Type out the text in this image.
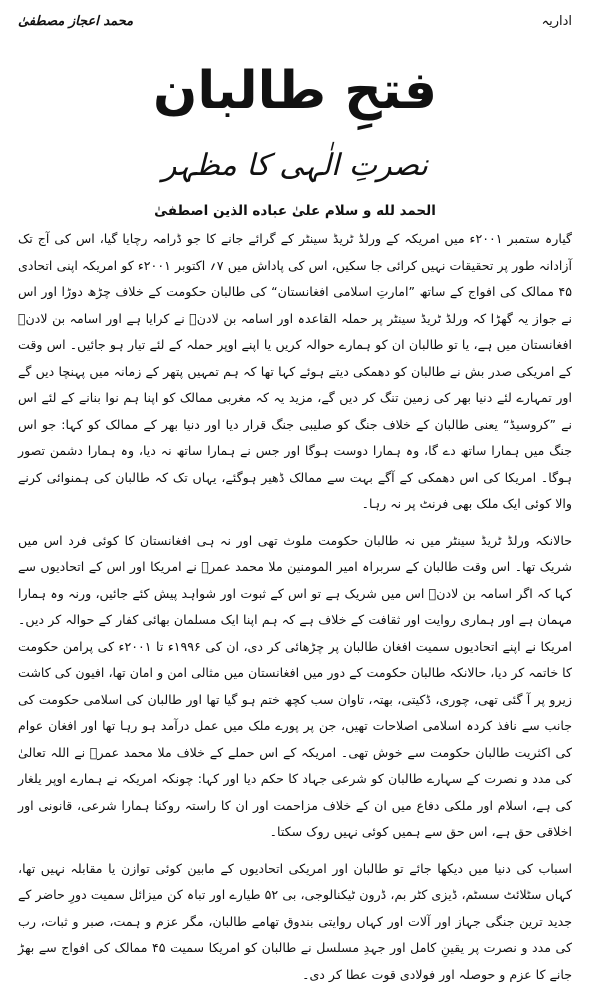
اداریہ
محمد اعجاز مصطفیٰ
فتحِ طالبان
نصرتِ الٰہی کا مظہر
الحمد لله و سلام علیٰ عباده الذین اصطفیٰ

گیارہ ستمبر ۲۰۰۱ء میں امریکہ کے ورلڈ ٹریڈ سینٹر کے گرائے جانے کا جو ڈرامہ رچایا گیا، اس کی آج تک آزادانہ طور پر تحقیقات نہیں کرائی جا سکیں، اس کی پاداش میں ۷؍ اکتوبر ۲۰۰۱ء کو امریکہ اپنی اتحادی ۴۵ ممالک کی افواج کے ساتھ ”امارتِ اسلامی افغانستان“ کی طالبان حکومت کے خلاف چڑھ دوڑا اور اس نے جواز یہ گھڑا کہ ورلڈ ٹریڈ سینٹر پر حملہ القاعدہ اور اسامہ بن لادنؒ نے کرایا ہے اور اسامہ بن لادنؒ افغانستان میں ہے، یا تو طالبان ان کو ہمارے حوالہ کریں یا اپنے اوپر حملہ کے لئے تیار ہو جائیں۔ اس وقت کے امریکی صدر بش نے طالبان کو دھمکی دیتے ہوئے کہا تھا کہ ہم تمہیں پتھر کے زمانہ میں پہنچا دیں گے اور تمہارے لئے دنیا بھر کی زمین تنگ کر دیں گے، مزید یہ کہ مغربی ممالک کو اپنا ہم نوا بنانے کے لئے اس نے ”کروسیڈ“ یعنی طالبان کے خلاف جنگ کو صلیبی جنگ قرار دیا اور دنیا بھر کے ممالک کو کہا: جو اس جنگ میں ہمارا ساتھ دے گا، وہ ہمارا دوست ہوگا اور جس نے ہمارا ساتھ نہ دیا، وہ ہمارا دشمن تصور ہوگا۔ امریکا کی اس دھمکی کے آگے بہت سے ممالک ڈھیر ہوگئے، یہاں تک کہ طالبان کی ہمنوائی کرنے والا کوئی ایک ملک بھی فرنٹ پر نہ رہا۔

حالانکہ ورلڈ ٹریڈ سینٹر میں نہ طالبان حکومت ملوث تھی اور نہ ہی افغانستان کا کوئی فرد اس میں شریک تھا۔ اس وقت طالبان کے سربراہ امیر المومنین ملا محمد عمرؒ نے امریکا اور اس کے اتحادیوں سے کہا کہ اگر اسامہ بن لادنؒ اس میں شریک ہے تو اس کے ثبوت اور شواہد پیش کئے جائیں، ورنہ وہ ہمارا مہمان ہے اور ہماری روایت اور ثقافت کے خلاف ہے کہ ہم اپنا ایک مسلمان بھائی کفار کے حوالہ کر دیں۔ امریکا نے اپنے اتحادیوں سمیت افغان طالبان پر چڑھائی کر دی، ان کی ۱۹۹۶ء تا ۲۰۰۱ء کی پرامن حکومت کا خاتمہ کر دیا، حالانکہ طالبان حکومت کے دور میں افغانستان میں مثالی امن و امان تھا، افیون کی کاشت زیرو پر آ گئی تھی، چوری، ڈکیتی، بھتہ، تاوان سب کچھ ختم ہو گیا تھا اور طالبان کی اسلامی حکومت کی جانب سے نافذ کردہ اسلامی اصلاحات تھیں، جن پر پورے ملک میں عمل درآمد ہو رہا تھا اور افغان عوام کی اکثریت طالبان حکومت سے خوش تھی۔ امریکہ کے اس حملے کے خلاف ملا محمد عمرؒ نے اللہ تعالیٰ کی مدد و نصرت کے سہارے طالبان کو شرعی جہاد کا حکم دیا اور کہا: چونکہ امریکہ نے ہمارے اوپر یلغار کی ہے، اسلام اور ملکی دفاع میں ان کے خلاف مزاحمت اور ان کا راستہ روکنا ہمارا شرعی، قانونی اور اخلاقی حق ہے، اس حق سے ہمیں کوئی نہیں روک سکتا۔

اسباب کی دنیا میں دیکھا جائے تو طالبان اور امریکی اتحادیوں کے مابین کوئی توازن یا مقابلہ نہیں تھا، کہاں سٹلائٹ سسٹم، ڈیزی کٹر بم، ڈرون ٹیکنالوجی، بی ۵۲ طیارے اور تباہ کن میزائل سمیت دورِ حاضر کے جدید ترین جنگی جہاز اور آلات اور کہاں روایتی بندوق تھامے طالبان، مگر عزم و ہمت، صبر و ثبات، رب کی مدد و نصرت پر یقینِ کامل اور جہدِ مسلسل نے طالبان کو امریکا سمیت ۴۵ ممالک کی افواج سے بھڑ جانے کا عزم و حوصلہ اور فولادی قوت عطا کر دی۔
